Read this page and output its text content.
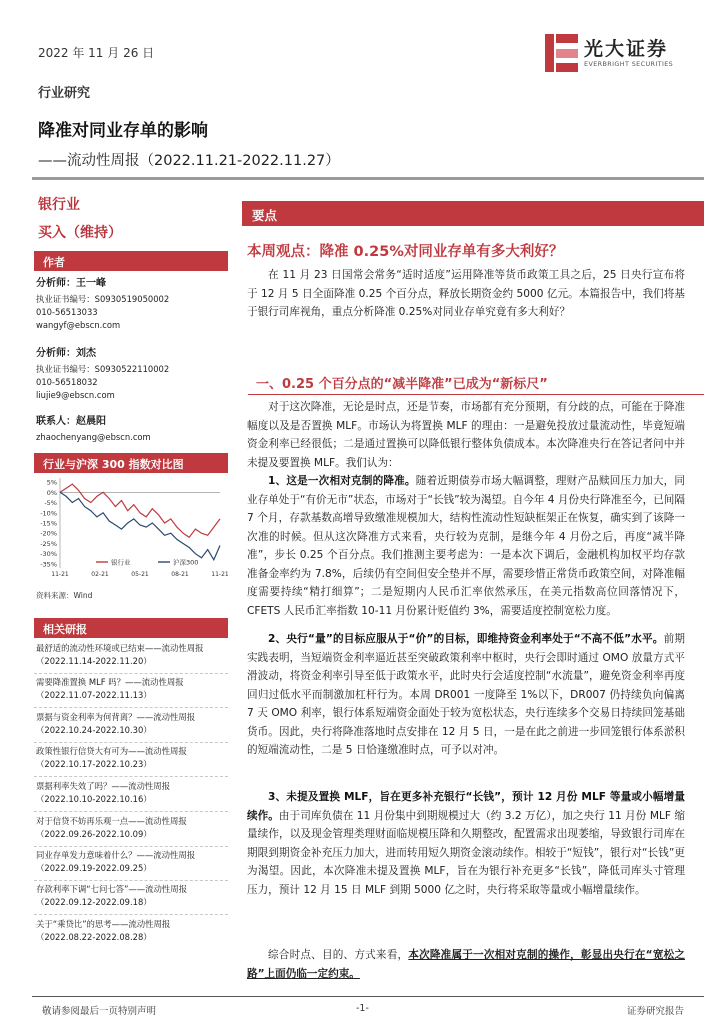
2022 年 11 月 26 日	光大证券
EVERBRIGHT SECURITIES
行业研究
降准对同业存单的影响
——流动性周报（2022.11.21-2022.11.27）
银行业
买入（维持）
作者
分析师：王一峰
执业证书编号：S0930519050002
010-56513033
wangyf@ebscn.com
分析师：刘杰
执业证书编号：S0930522110002
010-56518032
liujie9@ebscn.com
联系人：赵晨阳
zhaochenyang@ebscn.com
行业与沪深 300 指数对比图
5%
0%
-5%
-10%
-15%
-20%
-25%
-30%
-35%
11-21	02-21	05-21	08-21	11-21
银行业	沪深300
资料来源：Wind
相关研报
最舒适的流动性环境或已结束——流动性周报（2022.11.14-2022.11.20）
需要降准置换 MLF 吗？——流动性周报（2022.11.07-2022.11.13）
票据与资金利率为何背离？——流动性周报（2022.10.24-2022.10.30）
政策性银行信贷大有可为——流动性周报（2022.10.17-2022.10.23）
票据利率失效了吗？——流动性周报（2022.10.10-2022.10.16）
对于信贷不妨再乐观一点——流动性周报（2022.09.26-2022.10.09）
同业存单发力意味着什么？——流动性周报（2022.09.19-2022.09.25）
存款利率下调“七问七答”——流动性周报（2022.09.12-2022.09.18）
关于“乘贷比”的思考——流动性周报（2022.08.22-2022.08.28）
要点
本周观点：降准 0.25%对同业存单有多大利好？
在 11 月 23 日国常会常务“适时适度”运用降准等货币政策工具之后，25 日央行宣布将于 12 月 5 日全面降准 0.25 个百分点，释放长期资金约 5000 亿元。本篇报告中，我们将基于银行司库视角，重点分析降准 0.25%对同业存单究竟有多大利好？
一、0.25 个百分点的“减半降准”已成为“新标尺”
对于这次降准，无论是时点，还是节奏，市场都有充分预期，有分歧的点，可能在于降准幅度以及是否置换 MLF。市场认为将置换 MLF 的理由：一是避免投放过量流动性，毕竟短端资金利率已经很低；二是通过置换可以降低银行整体负债成本。本次降准央行在答记者问中并未提及要置换 MLF。我们认为：
1、这是一次相对克制的降准。随着近期债券市场大幅调整，理财产品赎回压力加大，同业存单处于“有价无市”状态，市场对于“长钱”较为渴望。自今年 4 月份央行降准至今，已间隔 7 个月，存款基数高增导致缴准规模加大，结构性流动性短缺框架正在恢复，确实到了该降一次准的时候。但从这次降准方式来看，央行较为克制，是继今年 4 月份之后，再度“减半降准”，步长 0.25 个百分点。我们推测主要考虑为：一是本次下调后，金融机构加权平均存款准备金率约为 7.8%，后续仍有空间但安全垫并不厚，需要珍惜正常货币政策空间，对降准幅度需要持续“精打细算”；二是短期内人民币汇率依然承压，在美元指数高位回落情况下，CFETS 人民币汇率指数 10-11 月份累计贬值约 3%，需要适度控制宽松力度。
2、央行“量”的目标应服从于“价”的目标，即维持资金利率处于“不高不低”水平。前期实践表明，当短端资金利率逼近甚至突破政策利率中枢时，央行会即时通过 OMO 放量方式平滑波动，将资金利率引导至低于政策水平，此时央行会适度控制“水流量”，避免资金利率再度回归过低水平而制激加杠杆行为。本周 DR001 一度降至 1%以下，DR007 仍持续负向偏离 7 天 OMO 利率，银行体系短端资金面处于较为宽松状态，央行连续多个交易日持续回笼基础货币。因此，央行将降准落地时点安排在 12 月 5 日，一是在此之前进一步回笼银行体系淤积的短端流动性，二是 5 日恰逢缴准时点，可予以对冲。
3、未提及置换 MLF，旨在更多补充银行“长钱”，预计 12 月份 MLF 等量或小幅增量续作。由于司库负债在 11 月份集中到期规模过大（约 3.2 万亿），加之央行 11 月份 MLF 缩量续作，以及现金管理类理财面临规模压降和久期整改，配置需求出现萎缩，导致银行司库在期限到期资金补充压力加大，进而转用短久期资金滚动续作。相较于“短钱”，银行对“长钱”更为渴望。因此，本次降准未提及置换 MLF，旨在为银行补充更多“长钱”，降低司库头寸管理压力，预计 12 月 15 日 MLF 到期 5000 亿之时，央行将采取等量或小幅增量续作。
综合时点、目的、方式来看，本次降准属于一次相对克制的操作，彰显出央行在“宽松之路”上面仍临一定约束。
敬请参阅最后一页特别声明	-1-	证券研究报告
